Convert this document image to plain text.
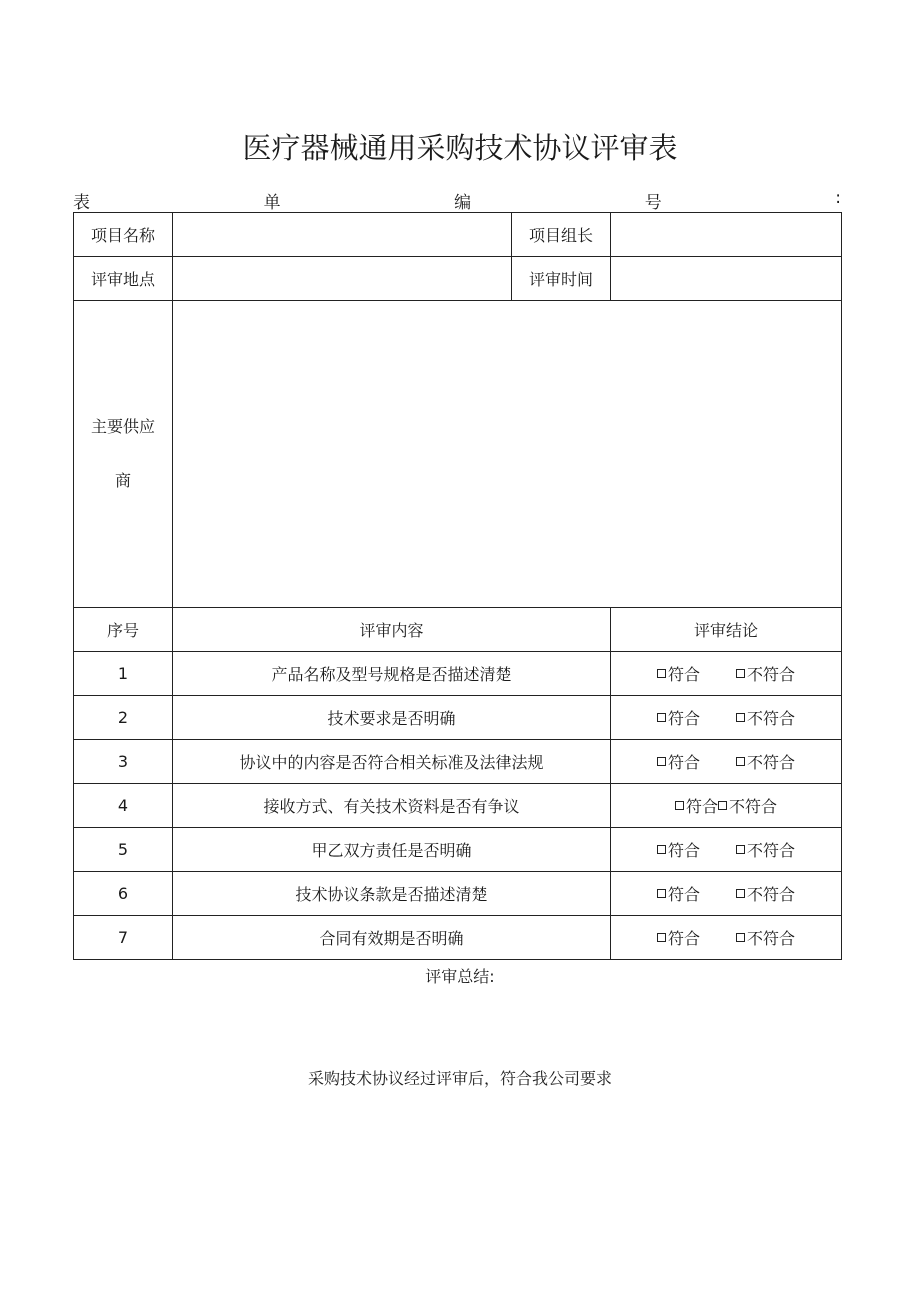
医疗器械通用采购技术协议评审表
表	单	编	号	:
项目名称		项目组长	
评审地点		评审时间	

主要供应
商			

序号	评审内容		评审结论
1	产品名称及型号规格是否描述清楚		符合 不符合

2	技术要求是否明确		符合 不符合

3	协议中的内容是否符合相关标准及法律法规		符合 不符合

4	接收方式、有关技术资料是否有争议		符合 不符合

5	甲乙双方责任是否明确		符合 不符合

6	技术协议条款是否描述清楚		符合 不符合

7	合同有效期是否明确		符合 不符合
评审总结:
采购技术协议经过评审后，符合我公司要求
